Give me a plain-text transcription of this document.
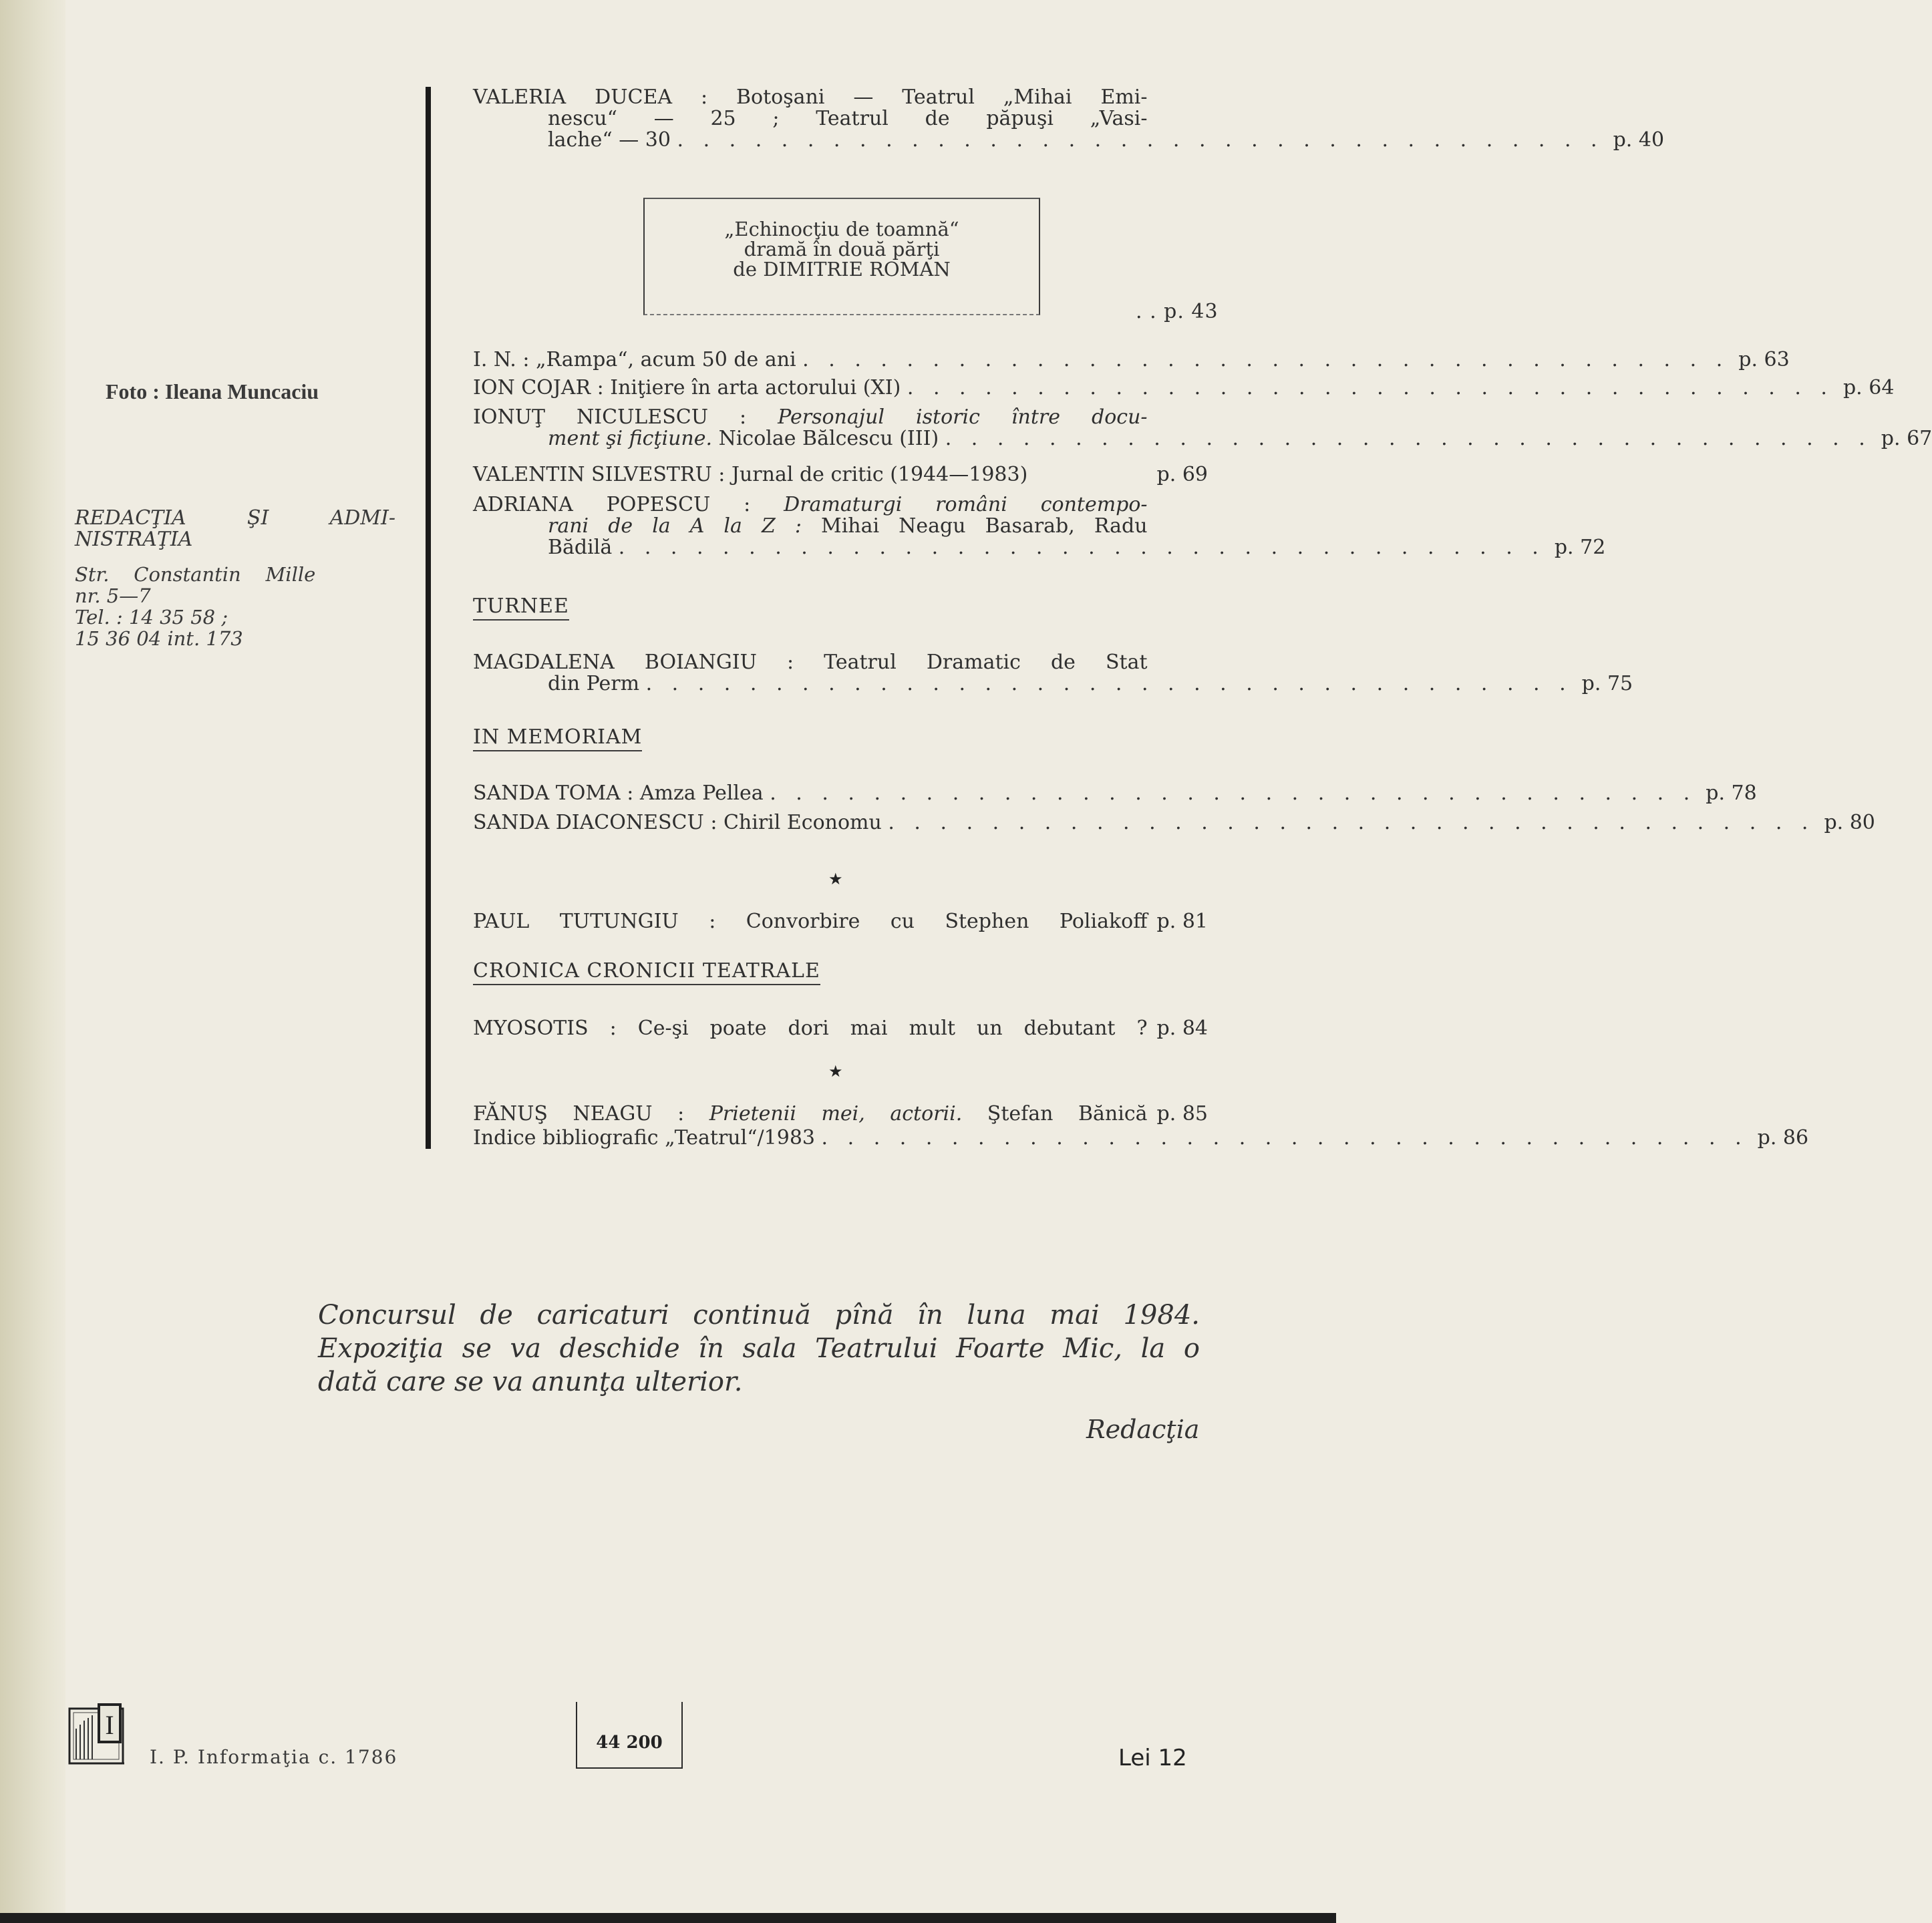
Foto : Ileana Muncaciu
REDACŢIA ŞI ADMI-
NISTRAŢIA
Str.    Constantin    Mille
nr. 5—7
Tel. : 14 35 58 ;
15 36 04 int. 173
VALERIA DUCEA : Botoşani — Teatrul „Mihai Emi-
nescu“ — 25 ; Teatrul de păpuşi „Vasi-
lache“ — 30 . . . . . . . . . . . . . . . . . . . . . . . . . . . . . . . . . . . . p. 40
„Echinocţiu de toamnă“
dramă în două părţi
de DIMITRIE ROMAN
. . p. 43
I. N. : „Rampa“, acum 50 de ani . . . . . . . . . . . . . . . . . . . . . . . . . . . . . . . . . . . . p. 63
ION COJAR : Iniţiere în arta actorului (XI) . . . . . . . . . . . . . . . . . . . . . . . . . . . . . . . . . . . . p. 64
IONUŢ NICULESCU : Personajul istoric între docu-
ment şi ficţiune. Nicolae Bălcescu (III) . . . . . . . . . . . . . . . . . . . . . . . . . . . . . . . . . . . . p. 67
VALENTIN SILVESTRU : Jurnal de critic (1944—1983)	p. 69
ADRIANA POPESCU : Dramaturgi români contempo-
rani de la A la Z : Mihai Neagu Basarab, Radu
Bădilă . . . . . . . . . . . . . . . . . . . . . . . . . . . . . . . . . . . . p. 72
TURNEE
MAGDALENA BOIANGIU : Teatrul Dramatic de Stat
din Perm . . . . . . . . . . . . . . . . . . . . . . . . . . . . . . . . . . . . p. 75
IN MEMORIAM
SANDA TOMA : Amza Pellea . . . . . . . . . . . . . . . . . . . . . . . . . . . . . . . . . . . . p. 78
SANDA DIACONESCU : Chiril Economu . . . . . . . . . . . . . . . . . . . . . . . . . . . . . . . . . . . . p. 80
★
PAUL TUTUNGIU : Convorbire cu Stephen Poliakoff p. 81
CRONICA CRONICII TEATRALE
MYOSOTIS : Ce-şi poate dori mai mult un debutant ? p. 84
★
FĂNUŞ NEAGU : Prietenii mei, actorii. Ştefan Bănică p. 85
Indice bibliografic „Teatrul“/1983 . . . . . . . . . . . . . . . . . . . . . . . . . . . . . . . . . . . . p. 86
Concursul de caricaturi continuă pînă în luna mai 1984.
Expoziţia se va deschide în sala Teatrului Foarte Mic, la o
dată care se va anunţa ulterior.
Redacţia
I
I. P. Informaţia c. 1786
44 200
Lei 12
